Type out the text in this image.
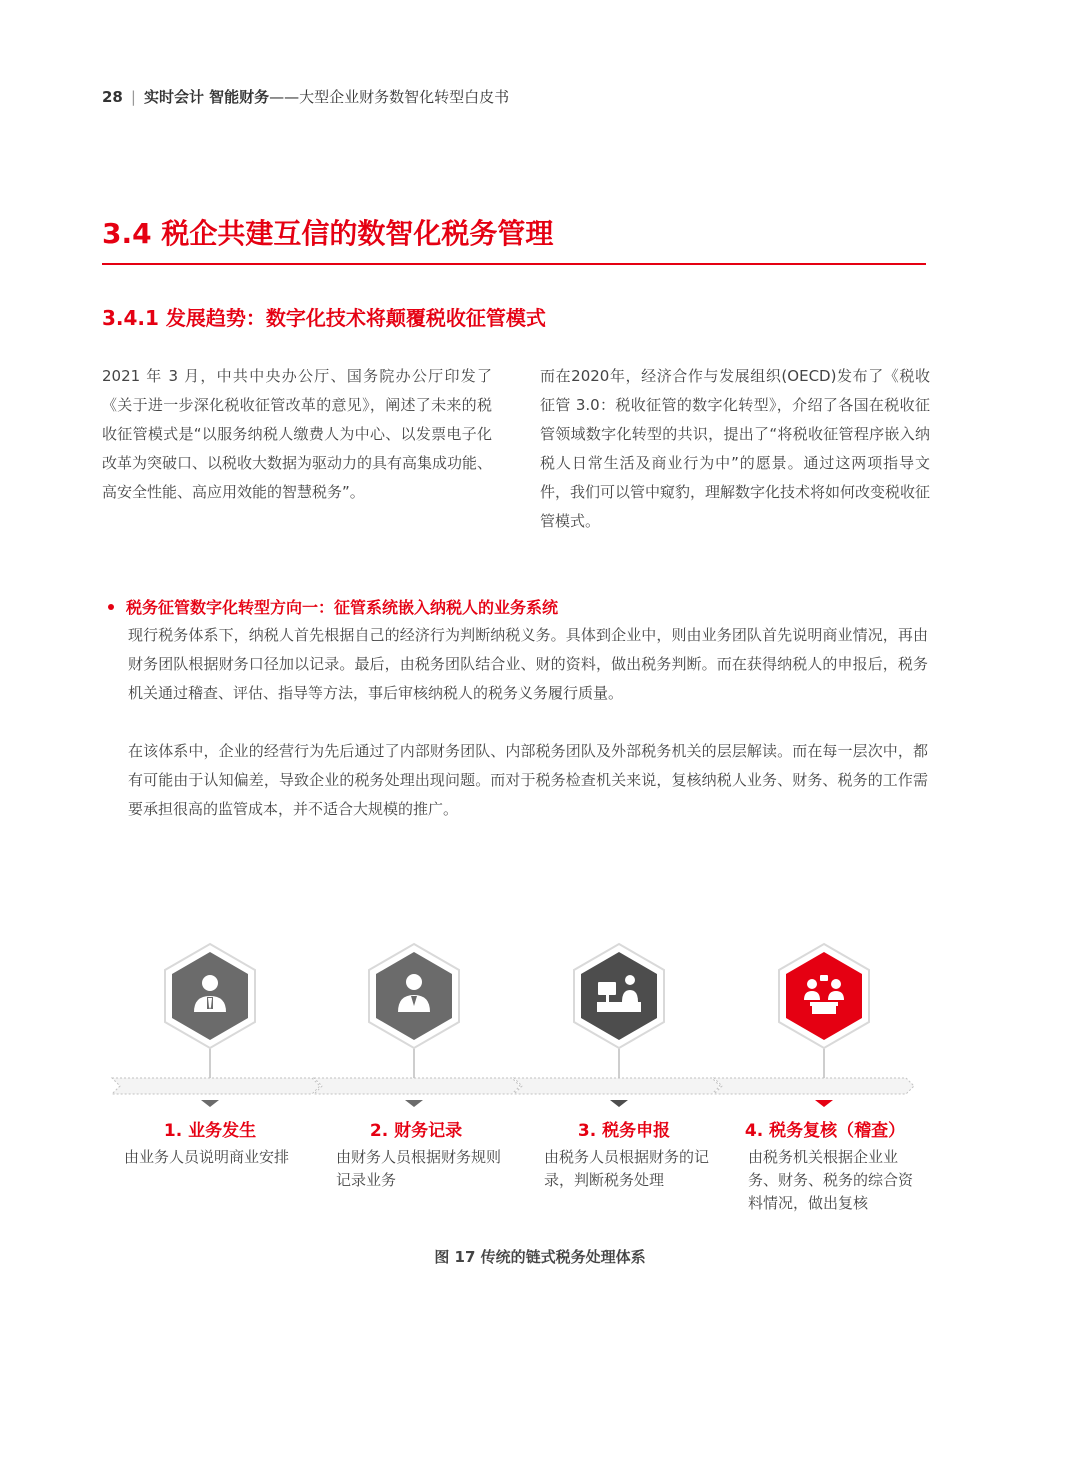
28 | 实时会计 智能财务——大型企业财务数智化转型白皮书
3.4 税企共建互信的数智化税务管理
3.4.1 发展趋势：数字化技术将颠覆税收征管模式
2021 年 3 月，中共中央办公厅、国务院办公厅印发了《关于进一步深化税收征管改革的意见》，阐述了未来的税收征管模式是“以服务纳税人缴费人为中心、以发票电子化改革为突破口、以税收大数据为驱动力的具有高集成功能、高安全性能、高应用效能的智慧税务”。
而在2020年，经济合作与发展组织(OECD)发布了《税收征管 3.0：税收征管的数字化转型》，介绍了各国在税收征管领域数字化转型的共识，提出了“将税收征管程序嵌入纳税人日常生活及商业行为中”的愿景。通过这两项指导文件，我们可以管中窥豹，理解数字化技术将如何改变税收征管模式。
税务征管数字化转型方向一：征管系统嵌入纳税人的业务系统
现行税务体系下，纳税人首先根据自己的经济行为判断纳税义务。具体到企业中，则由业务团队首先说明商业情况，再由财务团队根据财务口径加以记录。最后，由税务团队结合业、财的资料，做出税务判断。而在获得纳税人的申报后，税务机关通过稽查、评估、指导等方法，事后审核纳税人的税务义务履行质量。
在该体系中，企业的经营行为先后通过了内部财务团队、内部税务团队及外部税务机关的层层解读。而在每一层次中，都有可能由于认知偏差，导致企业的税务处理出现问题。而对于税务检查机关来说，复核纳税人业务、财务、税务的工作需要承担很高的监管成本，并不适合大规模的推广。
1. 业务发生	2. 财务记录	3. 税务申报	4. 税务复核（稽查）
由业务人员说明商业安排	由财务人员根据财务规则记录业务
由税务人员根据财务的记录，判断税务处理
由税务机关根据企业业务、财务、税务的综合资料情况，做出复核
图 17 传统的链式税务处理体系
